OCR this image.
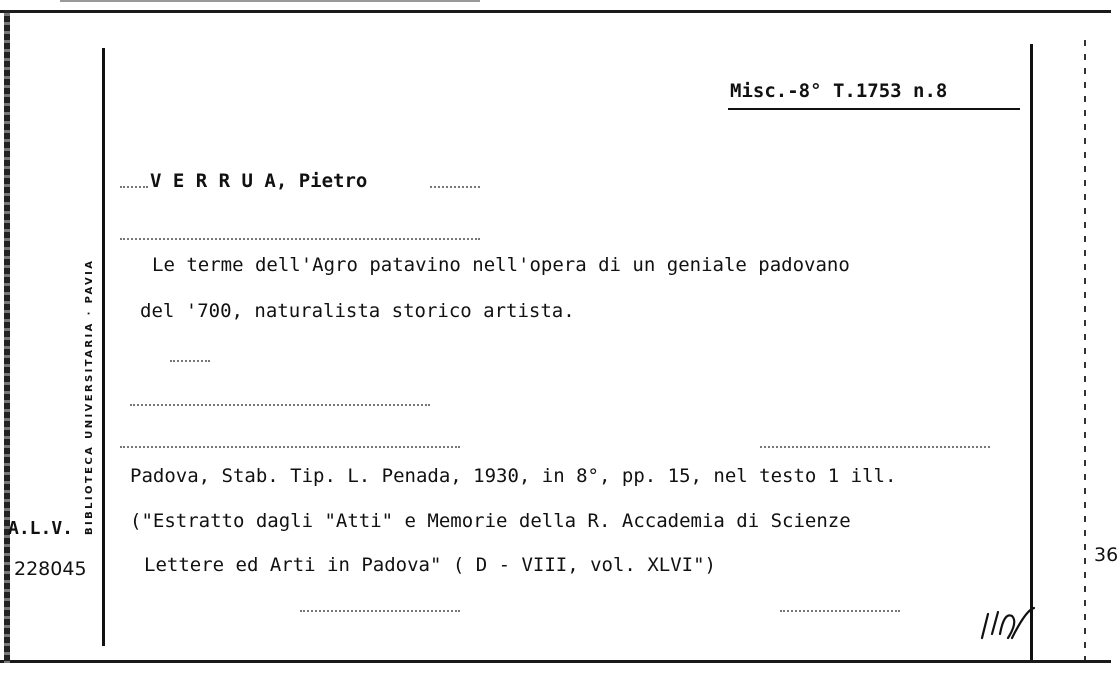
BIBLIOTECA UNIVERSITARIA · PAVIA
Misc.-8° T.1753 n.8
V E R R U A, Pietro
Le terme dell'Agro patavino nell'opera di un geniale padovano
del '700, naturalista storico artista.
Padova, Stab. Tip. L. Penada, 1930, in 8°, pp. 15, nel testo 1 ill.
("Estratto dagli "Atti" e Memorie della R. Accademia di Scienze
Lettere ed Arti in Padova" ( D - VIII, vol. XLVI")
A.L.V.
228045
36
